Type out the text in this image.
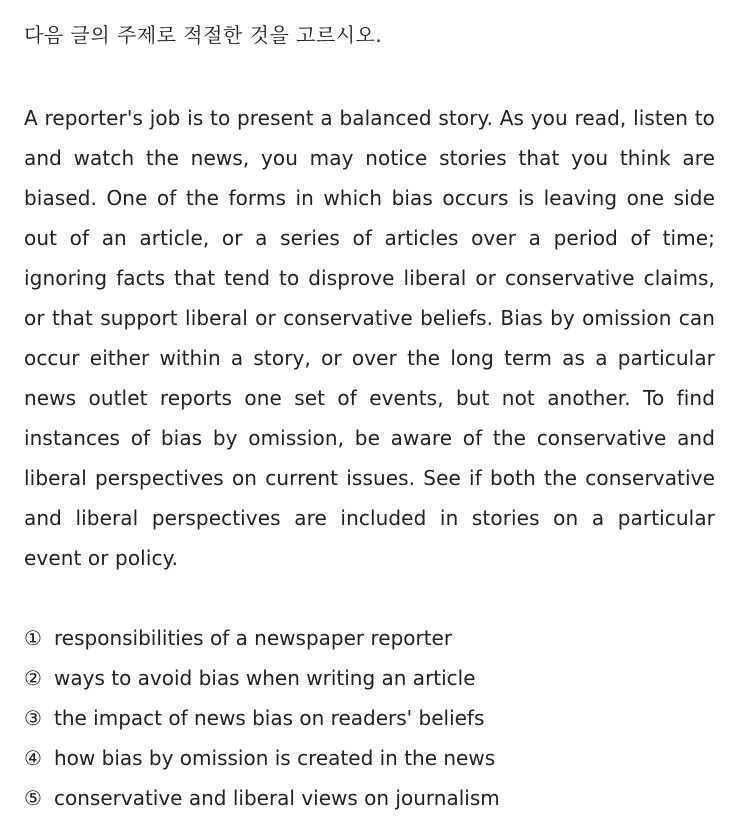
다음 글의 주제로 적절한 것을 고르시오.

A reporter's job is to present a balanced story. As you read, listen to and watch the news, you may notice stories that you think are biased. One of the forms in which bias occurs is leaving one side out of an article, or a series of articles over a period of time; ignoring facts that tend to disprove liberal or conservative claims, or that support liberal or conservative beliefs. Bias by omission can occur either within a story, or over the long term as a particular news outlet reports one set of events, but not another. To find instances of bias by omission, be aware of the conservative and liberal perspectives on current issues. See if both the conservative and liberal perspectives are included in stories on a particular event or policy.
① responsibilities of a newspaper reporter
② ways to avoid bias when writing an article
③ the impact of news bias on readers' beliefs
④ how bias by omission is created in the news
⑤ conservative and liberal views on journalism
